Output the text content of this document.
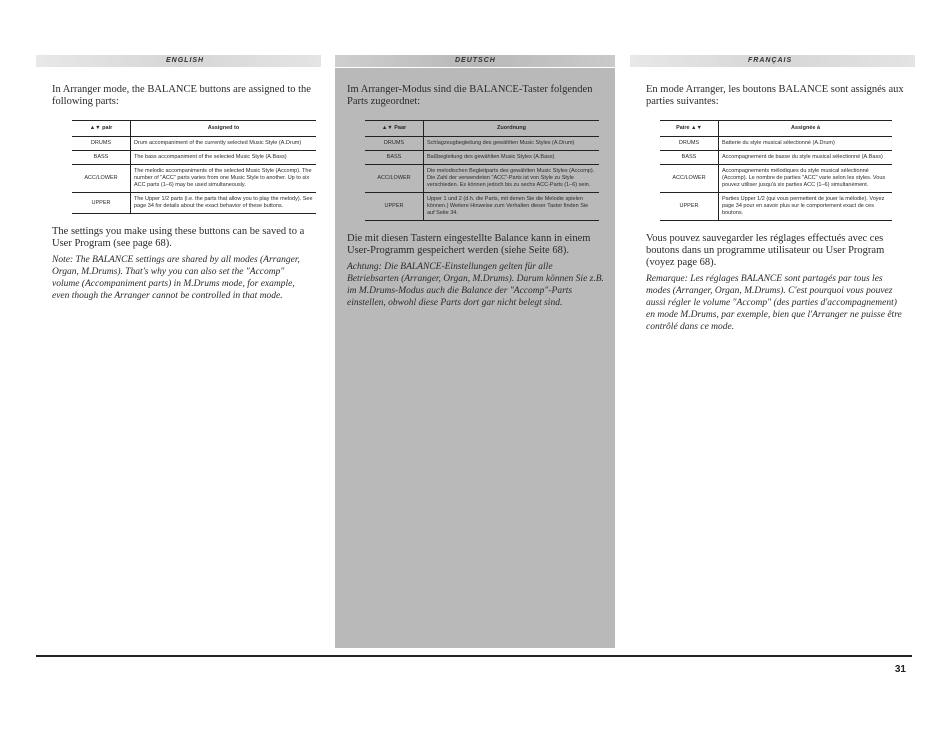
ENGLISH	DEUTSCH	FRANÇAIS

In Arranger mode, the BALANCE buttons are assigned to the following parts:

▲▼ pair	Assigned to
DRUMS	Drum accompaniment of the currently selected Music Style (A.Drum)
BASS	The bass accompaniment of the selected Music Style (A.Bass)
ACC/LOWER	The melodic accompaniments of the selected Music Style (Accomp). The number of "ACC" parts varies from one Music Style to another. Up to six ACC parts (1–6) may be used simultaneously.
UPPER	The Upper 1/2 parts (i.e. the parts that allow you to play the melody). See page 34 for details about the exact behavior of these buttons.

The settings you make using these buttons can be saved to a User Program (see page 68).

Note: The BALANCE settings are shared by all modes (Arranger, Organ, M.Drums). That's why you can also set the "Accomp" volume (Accompaniment parts) in M.Drums mode, for example, even though the Arranger cannot be controlled in that mode.

Im Arranger-Modus sind die BALANCE-Taster folgenden Parts zugeordnet:

▲▼ Paar	Zuordnung
DRUMS	Schlagzeugbegleitung des gewählten Music Styles (A.Drum)
BASS	Baßbegleitung des gewählten Music Styles (A.Bass)
ACC/LOWER	Die melodischen Begleitparts des gewählten Music Styles (Accomp). Die Zahl der verwendeten "ACC"-Parts ist von Style zu Style verschieden. Es können jedoch bis zu sechs ACC-Parts (1–6) sein.
UPPER	Upper 1 und 2 (d.h. die Parts, mit denen Sie die Melodie spielen können.) Weitere Hinweise zum Verhalten dieser Taster finden Sie auf Seite 34.

Die mit diesen Tastern eingestellte Balance kann in einem User-Programm gespeichert werden (siehe Seite 68).

Achtung: Die BALANCE-Einstellungen gelten für alle Betriebsarten (Arranger, Organ, M.Drums). Darum können Sie z.B. im M.Drums-Modus auch die Balance der "Accomp"-Parts einstellen, obwohl diese Parts dort gar nicht belegt sind.

En mode Arranger, les boutons BALANCE sont assignés aux parties suivantes:

Paire ▲▼	Assignée à
DRUMS	Batterie du style musical sélectionné (A.Drum)
BASS	Accompagnement de basse du style musical sélectionné (A.Bass)
ACC/LOWER	Accompagnements mélodiques du style musical sélectionné (Accomp). Le nombre de parties "ACC" varie selon les styles. Vous pouvez utiliser jusqu'à six parties ACC (1–6) simultanément.
UPPER	Parties Upper 1/2 (qui vous permettent de jouer la mélodie). Voyez page 34 pour en savoir plus sur le comportement exact de ces boutons.

Vous pouvez sauvegarder les réglages effectués avec ces boutons dans un programme utilisateur ou User Program (voyez page 68).

Remarque: Les réglages BALANCE sont partagés par tous les modes (Arranger, Organ, M.Drums). C'est pourquoi vous pouvez aussi régler le volume "Accomp" (des parties d'accompagnement) en mode M.Drums, par exemple, bien que l'Arranger ne puisse être contrôlé dans ce mode.

31
